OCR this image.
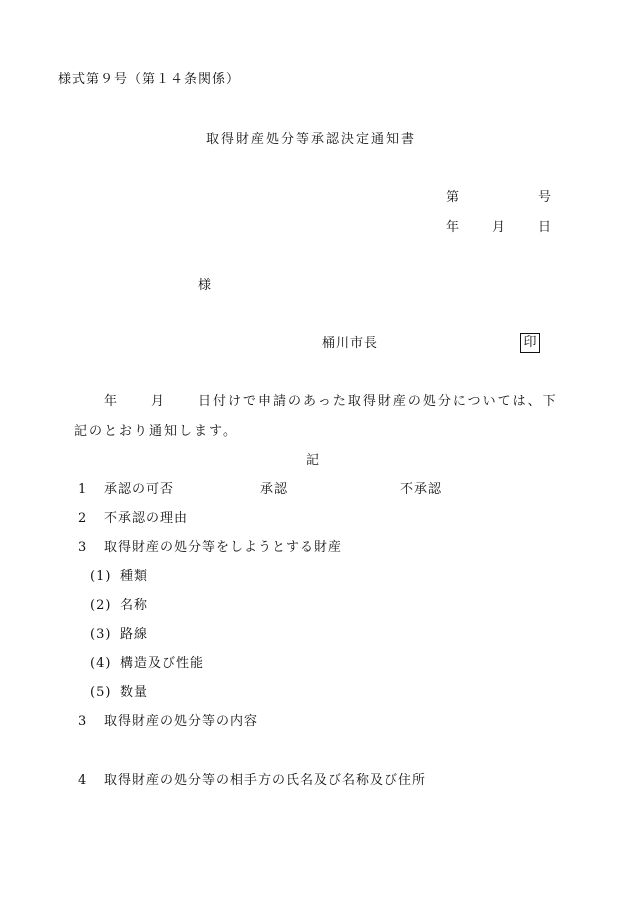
様式第９号（第１４条関係）
取得財産処分等承認決定通知書
第	号
年 月 日
様
桶川市長	印
年	月	日付けで申請のあった取得財産の処分については、下
記のとおり通知します。
記
1 承認の可否	承認	不承認
2 不承認の理由
3 取得財産の処分等をしようとする財産
(1) 種類
(2) 名称
(3) 路線
(4) 構造及び性能
(5) 数量
3 取得財産の処分等の内容
4 取得財産の処分等の相手方の氏名及び名称及び住所
